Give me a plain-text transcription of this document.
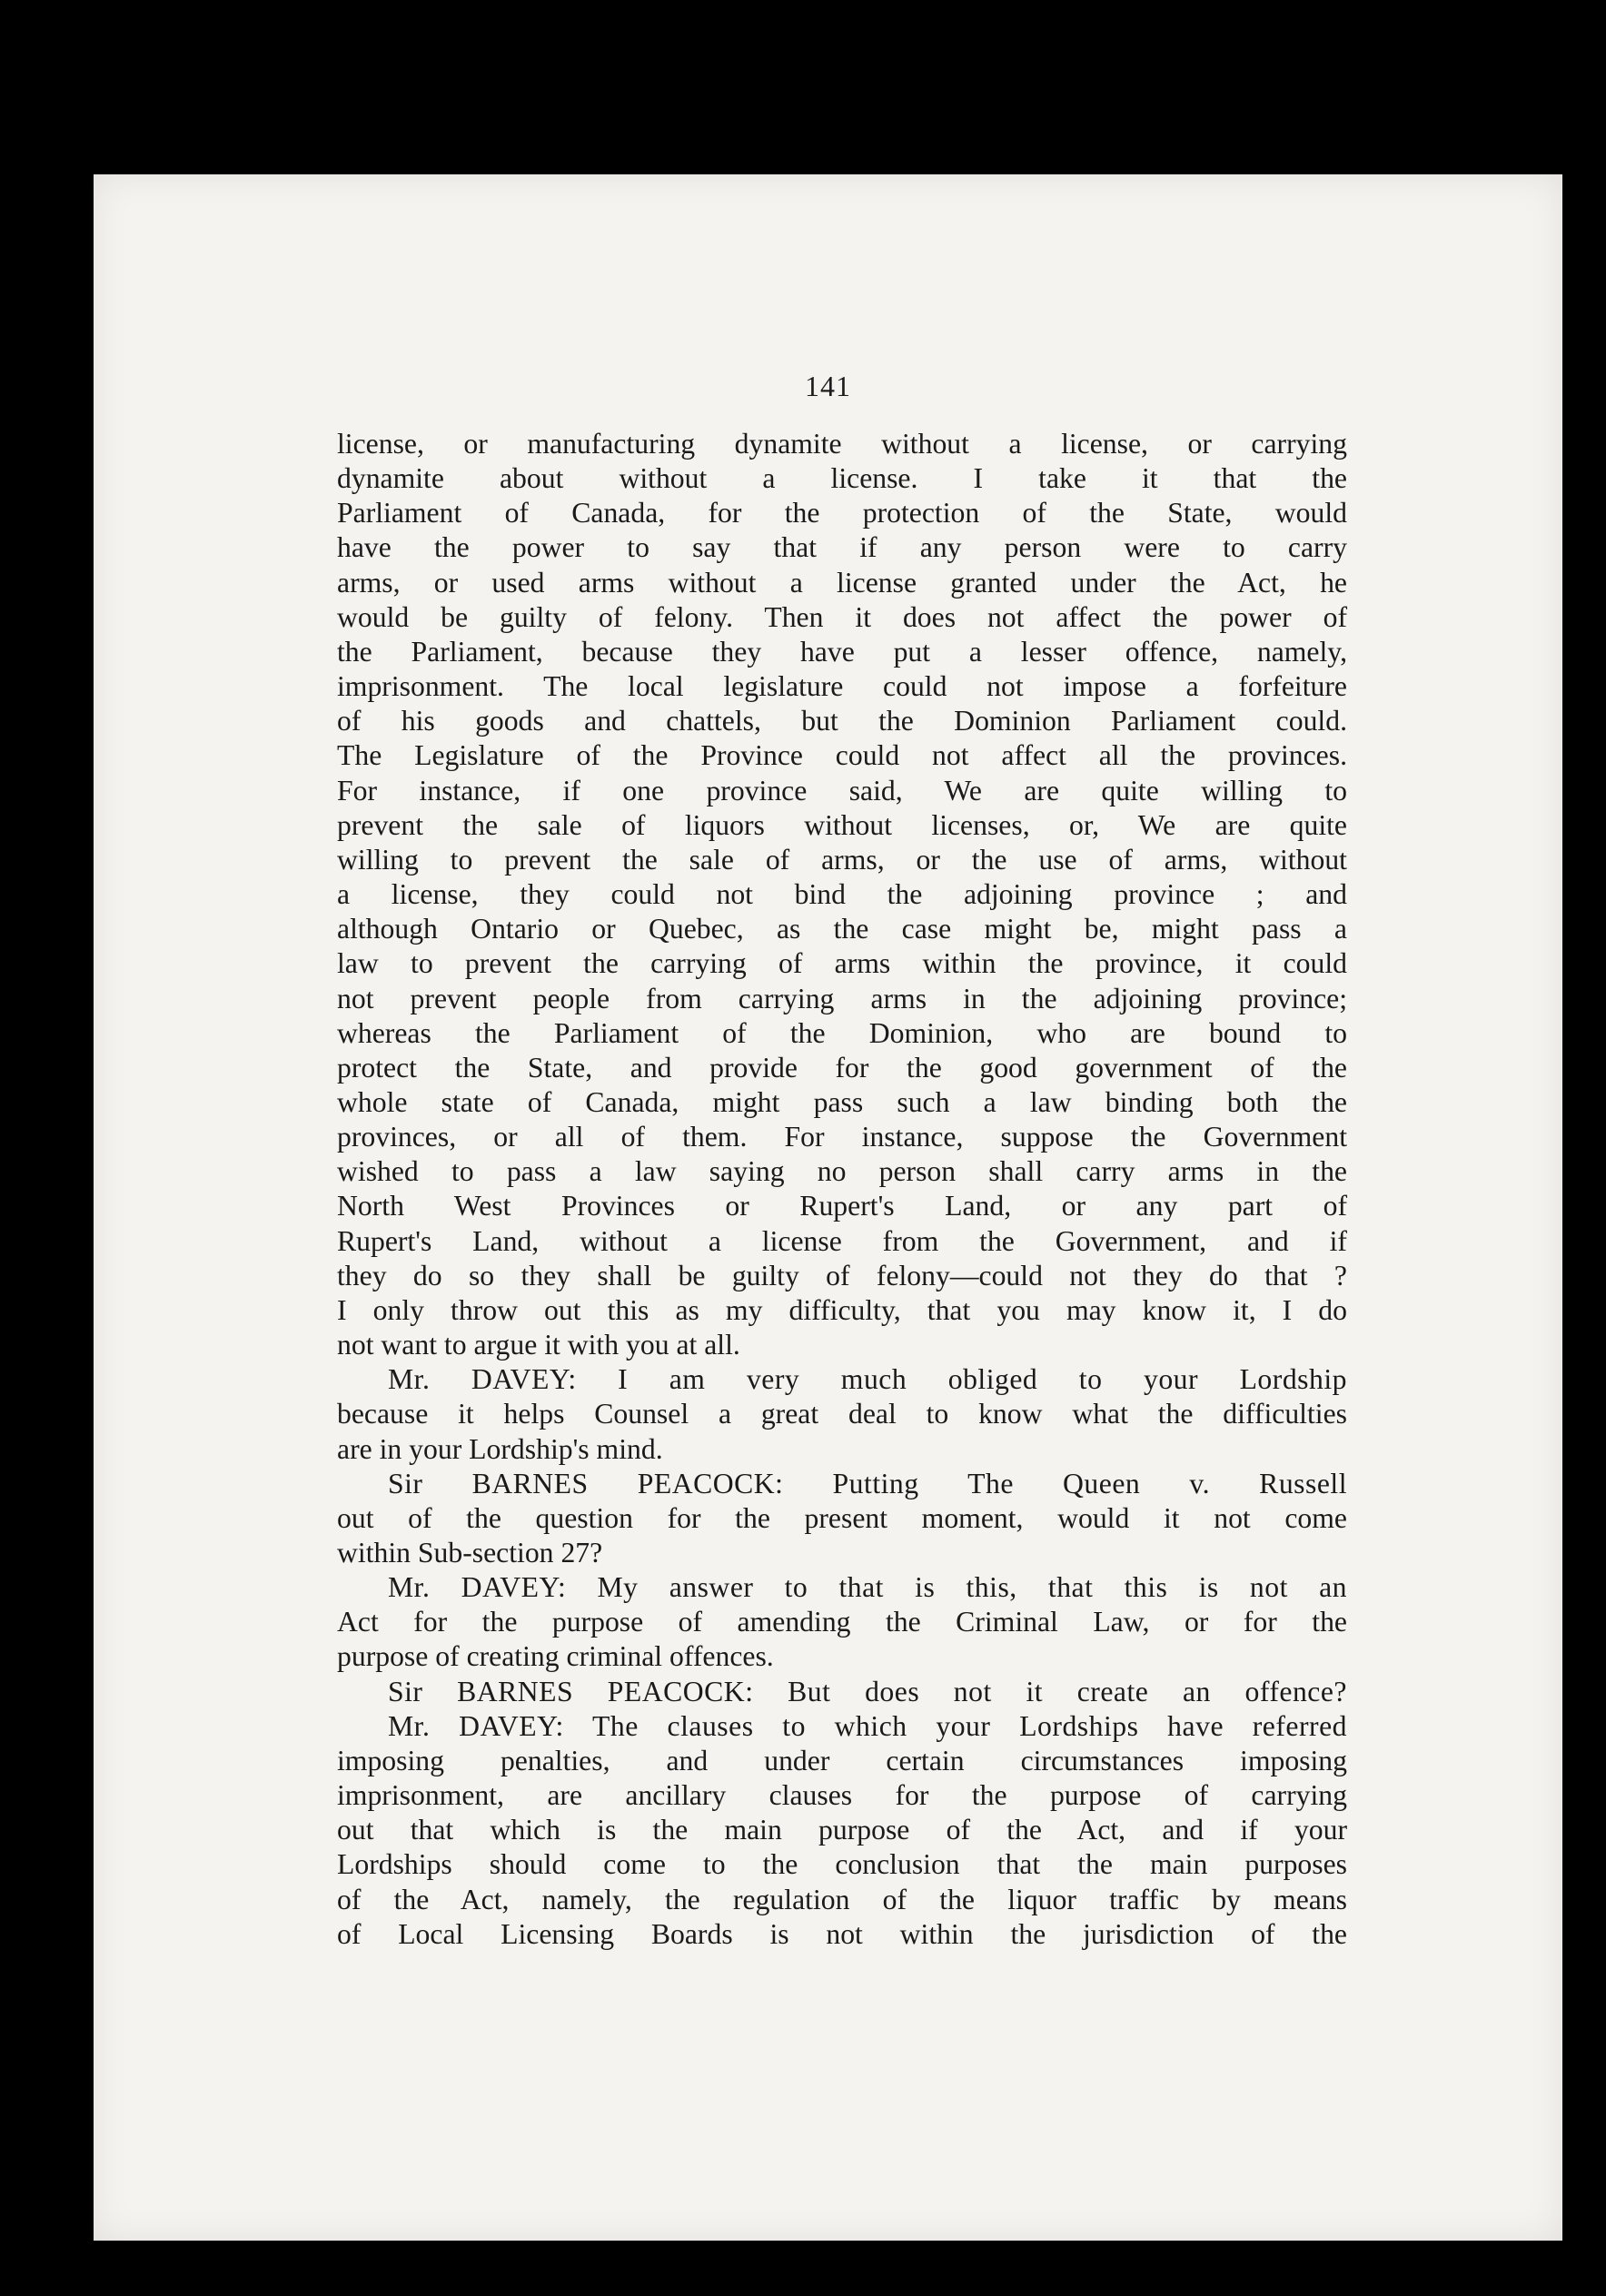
141
license, or manufacturing dynamite without a license, or carrying
dynamite about without a license. I take it that the
Parliament of Canada, for the protection of the State, would
have the power to say that if any person were to carry
arms, or used arms without a license granted under the Act, he
would be guilty of felony. Then it does not affect the power of
the Parliament, because they have put a lesser offence, namely,
imprisonment. The local legislature could not impose a forfeiture
of his goods and chattels, but the Dominion Parliament could.
The Legislature of the Province could not affect all the provinces.
For instance, if one province said, We are quite willing to
prevent the sale of liquors without licenses, or, We are quite
willing to prevent the sale of arms, or the use of arms, without
a license, they could not bind the adjoining province ; and
although Ontario or Quebec, as the case might be, might pass a
law to prevent the carrying of arms within the province, it could
not prevent people from carrying arms in the adjoining province;
whereas the Parliament of the Dominion, who are bound to
protect the State, and provide for the good government of the
whole state of Canada, might pass such a law binding both the
provinces, or all of them. For instance, suppose the Government
wished to pass a law saying no person shall carry arms in the
North West Provinces or Rupert's Land, or any part of
Rupert's Land, without a license from the Government, and if
they do so they shall be guilty of felony—could not they do that ?
I only throw out this as my difficulty, that you may know it, I do
not want to argue it with you at all.
Mr. DAVEY: I am very much obliged to your Lordship
because it helps Counsel a great deal to know what the difficulties
are in your Lordship's mind.
Sir BARNES PEACOCK: Putting The Queen v. Russell
out of the question for the present moment, would it not come
within Sub-section 27?
Mr. DAVEY: My answer to that is this, that this is not an
Act for the purpose of amending the Criminal Law, or for the
purpose of creating criminal offences.
Sir BARNES PEACOCK: But does not it create an offence?
Mr. DAVEY: The clauses to which your Lordships have referred
imposing penalties, and under certain circumstances imposing
imprisonment, are ancillary clauses for the purpose of carrying
out that which is the main purpose of the Act, and if your
Lordships should come to the conclusion that the main purposes
of the Act, namely, the regulation of the liquor traffic by means
of Local Licensing Boards is not within the jurisdiction of the
